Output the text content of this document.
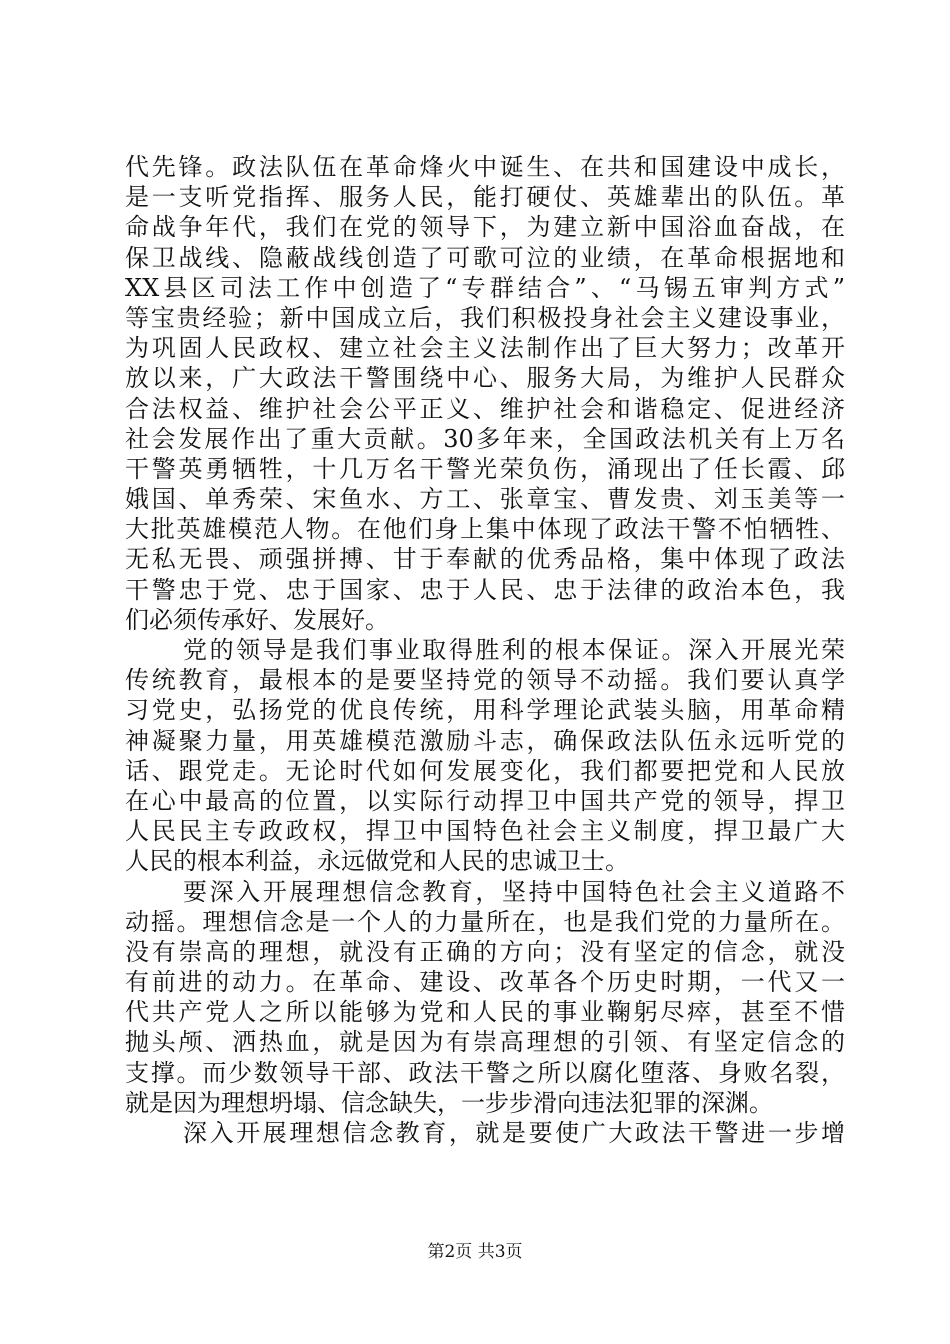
代先锋。政法队伍在革命烽火中诞生、在共和国建设中成长，
是一支听党指挥、服务人民，能打硬仗、英雄辈出的队伍。革
命战争年代，我们在党的领导下，为建立新中国浴血奋战，在
保卫战线、隐蔽战线创造了可歌可泣的业绩，在革命根据地和
XX县区司法工作中创造了“专群结合”、“马锡五审判方式”
等宝贵经验；新中国成立后，我们积极投身社会主义建设事业，
为巩固人民政权、建立社会主义法制作出了巨大努力；改革开
放以来，广大政法干警围绕中心、服务大局，为维护人民群众
合法权益、维护社会公平正义、维护社会和谐稳定、促进经济
社会发展作出了重大贡献。30多年来，全国政法机关有上万名
干警英勇牺牲，十几万名干警光荣负伤，涌现出了任长霞、邱
娥国、单秀荣、宋鱼水、方工、张章宝、曹发贵、刘玉美等一
大批英雄模范人物。在他们身上集中体现了政法干警不怕牺牲、
无私无畏、顽强拼搏、甘于奉献的优秀品格，集中体现了政法
干警忠于党、忠于国家、忠于人民、忠于法律的政治本色，我
们必须传承好、发展好。
党的领导是我们事业取得胜利的根本保证。深入开展光荣
传统教育，最根本的是要坚持党的领导不动摇。我们要认真学
习党史，弘扬党的优良传统，用科学理论武装头脑，用革命精
神凝聚力量，用英雄模范激励斗志，确保政法队伍永远听党的
话、跟党走。无论时代如何发展变化，我们都要把党和人民放
在心中最高的位置，以实际行动捍卫中国共产党的领导，捍卫
人民民主专政政权，捍卫中国特色社会主义制度，捍卫最广大
人民的根本利益，永远做党和人民的忠诚卫士。
要深入开展理想信念教育，坚持中国特色社会主义道路不
动摇。理想信念是一个人的力量所在，也是我们党的力量所在。
没有崇高的理想，就没有正确的方向；没有坚定的信念，就没
有前进的动力。在革命、建设、改革各个历史时期，一代又一
代共产党人之所以能够为党和人民的事业鞠躬尽瘁，甚至不惜
抛头颅、洒热血，就是因为有崇高理想的引领、有坚定信念的
支撑。而少数领导干部、政法干警之所以腐化堕落、身败名裂，
就是因为理想坍塌、信念缺失，一步步滑向违法犯罪的深渊。
深入开展理想信念教育，就是要使广大政法干警进一步增
第2页 共3页
